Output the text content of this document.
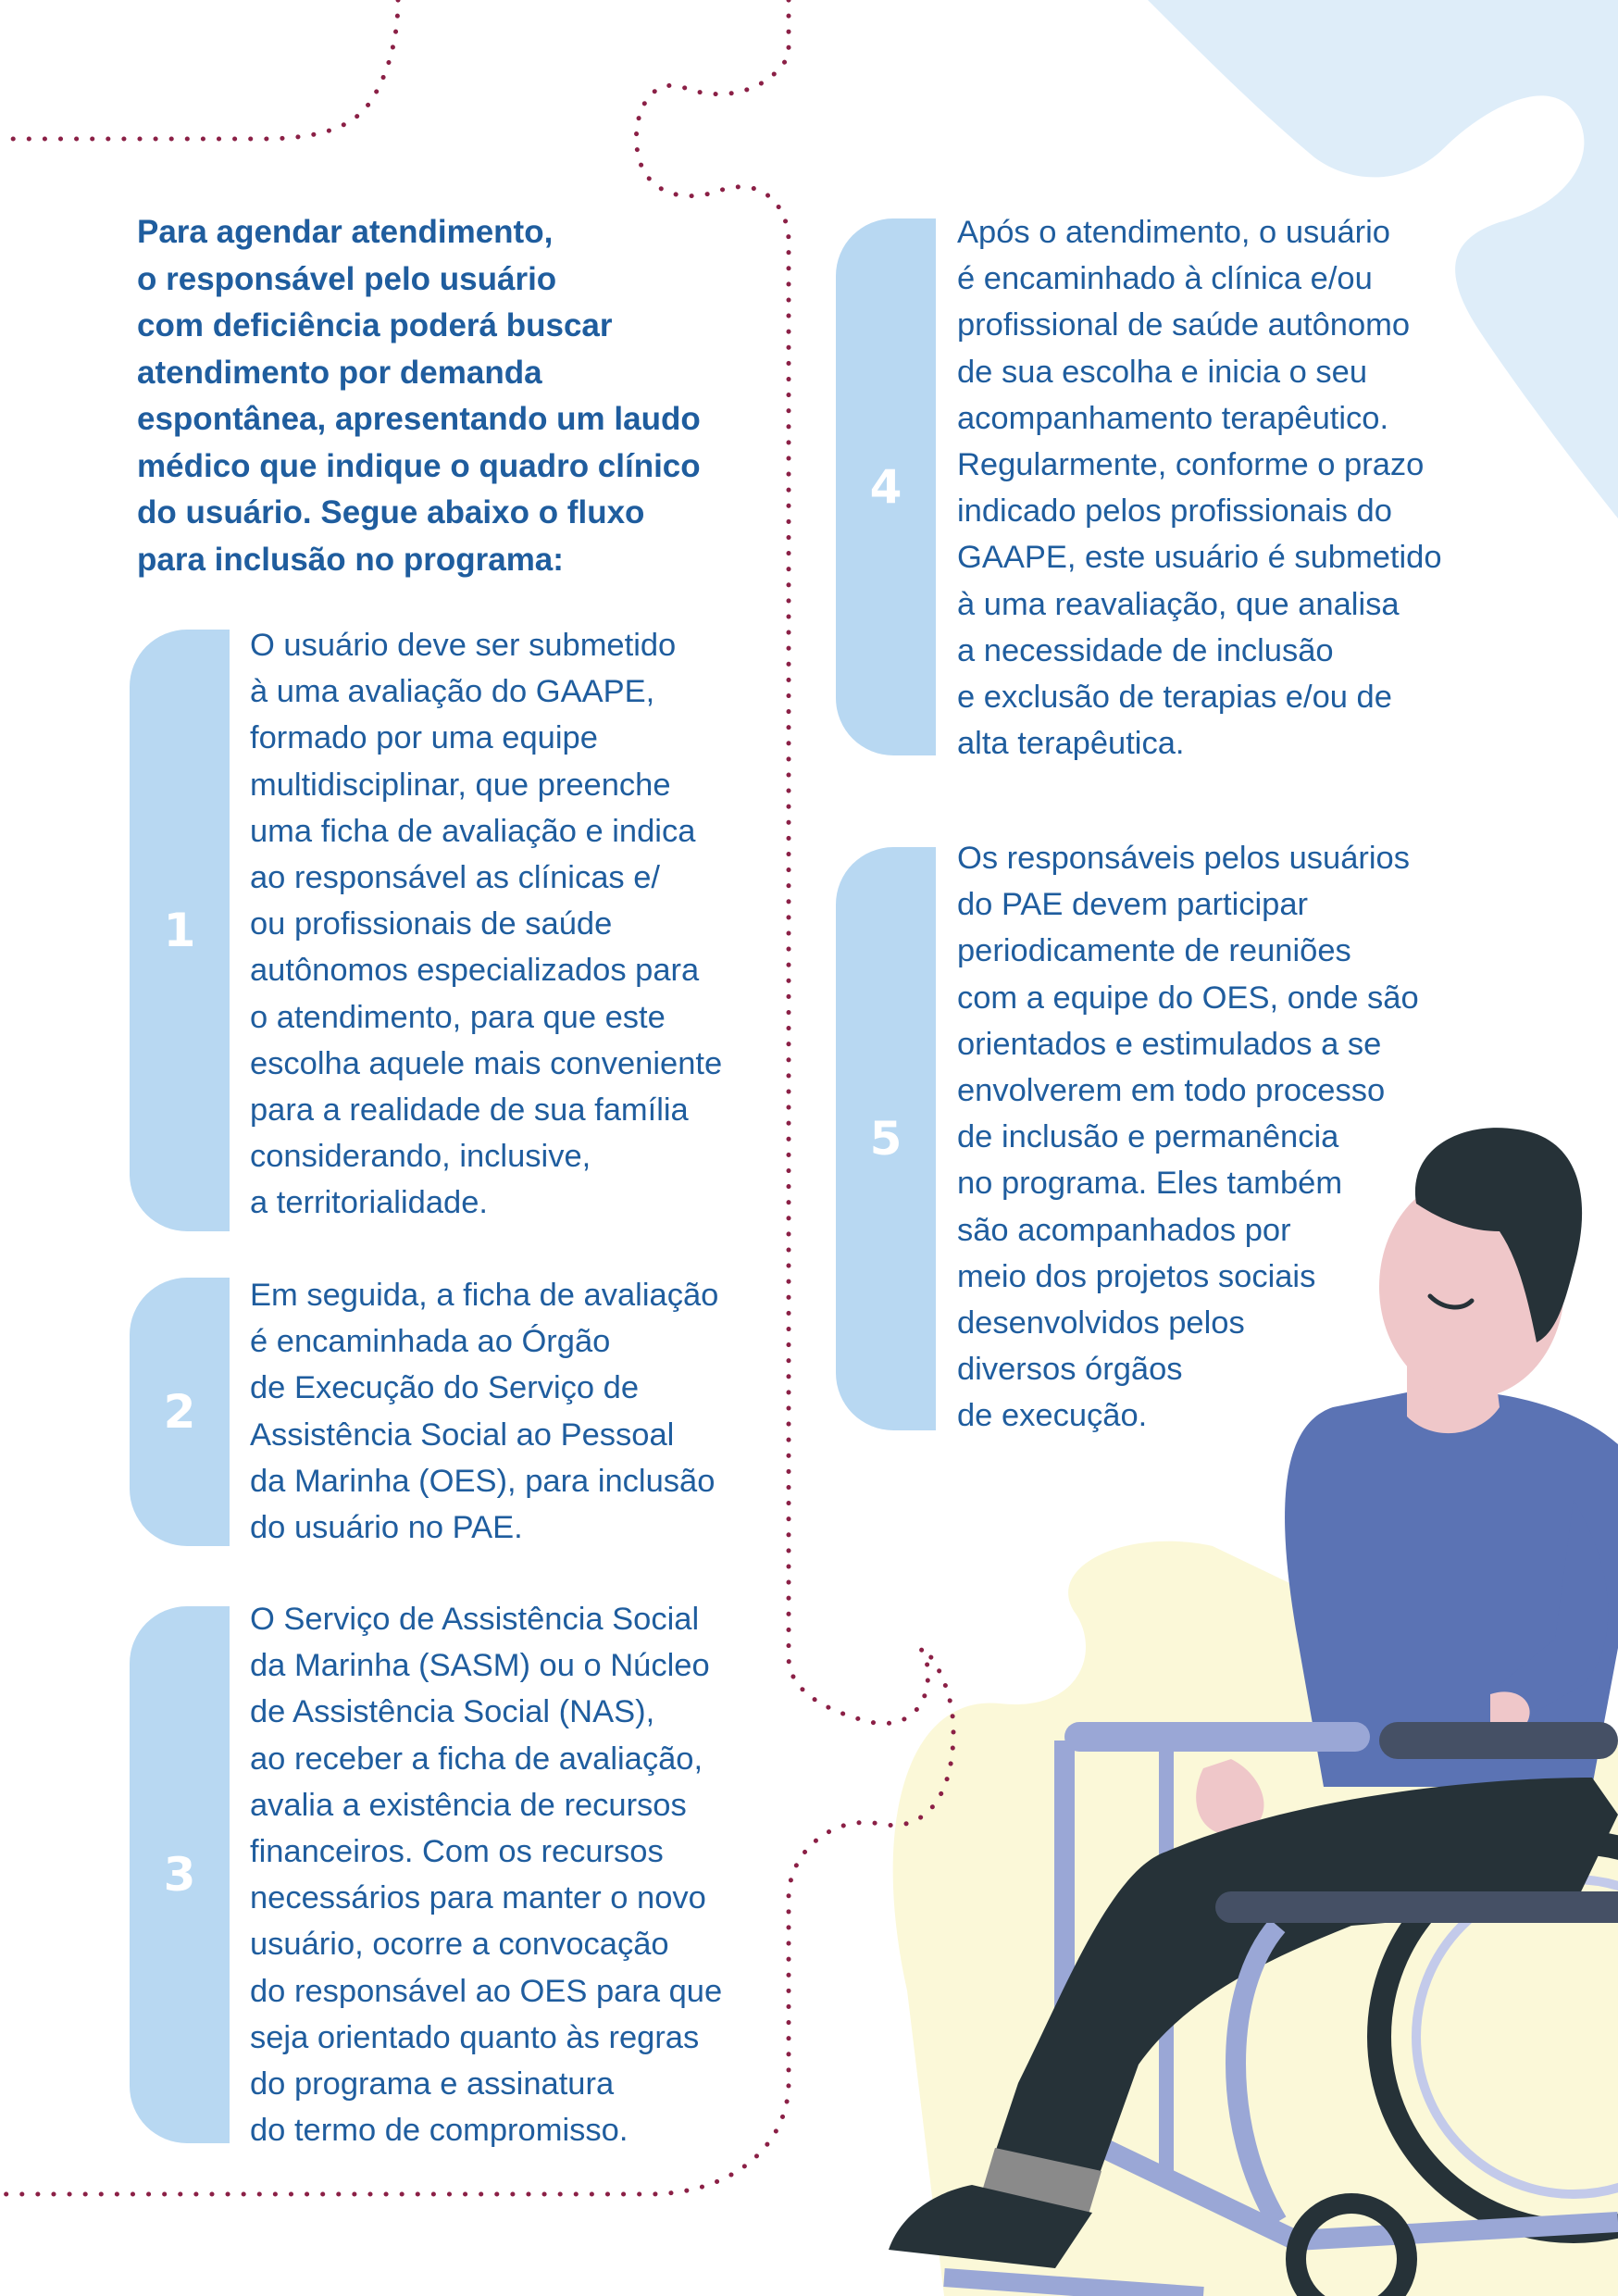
Para agendar atendimento,
o responsável pelo usuário
com deficiência poderá buscar
atendimento por demanda
espontânea, apresentando um laudo
médico que indique o quadro clínico
do usuário. Segue abaixo o fluxo
para inclusão no programa:
1
O usuário deve ser submetido
à uma avaliação do GAAPE,
formado por uma equipe
multidisciplinar, que preenche
uma ficha de avaliação e indica
ao responsável as clínicas e/
ou profissionais de saúde
autônomos especializados para
o atendimento, para que este
escolha aquele mais conveniente
para a realidade de sua família
considerando, inclusive,
a territorialidade.
2
Em seguida, a ficha de avaliação
é encaminhada ao Órgão
de Execução do Serviço de
Assistência Social ao Pessoal
da Marinha (OES), para inclusão
do usuário no PAE.
3
O Serviço de Assistência Social
da Marinha (SASM) ou o Núcleo
de Assistência Social (NAS),
ao receber a ficha de avaliação,
avalia a existência de recursos
financeiros. Com os recursos
necessários para manter o novo
usuário, ocorre a convocação
do responsável ao OES para que
seja orientado quanto às regras
do programa e assinatura
do termo de compromisso.
4
Após o atendimento, o usuário
é encaminhado à clínica e/ou
profissional de saúde autônomo
de sua escolha e inicia o seu
acompanhamento terapêutico.
Regularmente, conforme o prazo
indicado pelos profissionais do
GAAPE, este usuário é submetido
à uma reavaliação, que analisa
a necessidade de inclusão
e exclusão de terapias e/ou de
alta terapêutica.
5
Os responsáveis pelos usuários
do PAE devem participar
periodicamente de reuniões
com a equipe do OES, onde são
orientados e estimulados a se
envolverem em todo processo
de inclusão e permanência
no programa. Eles também
são acompanhados por
meio dos projetos sociais
desenvolvidos pelos
diversos órgãos
de execução.
